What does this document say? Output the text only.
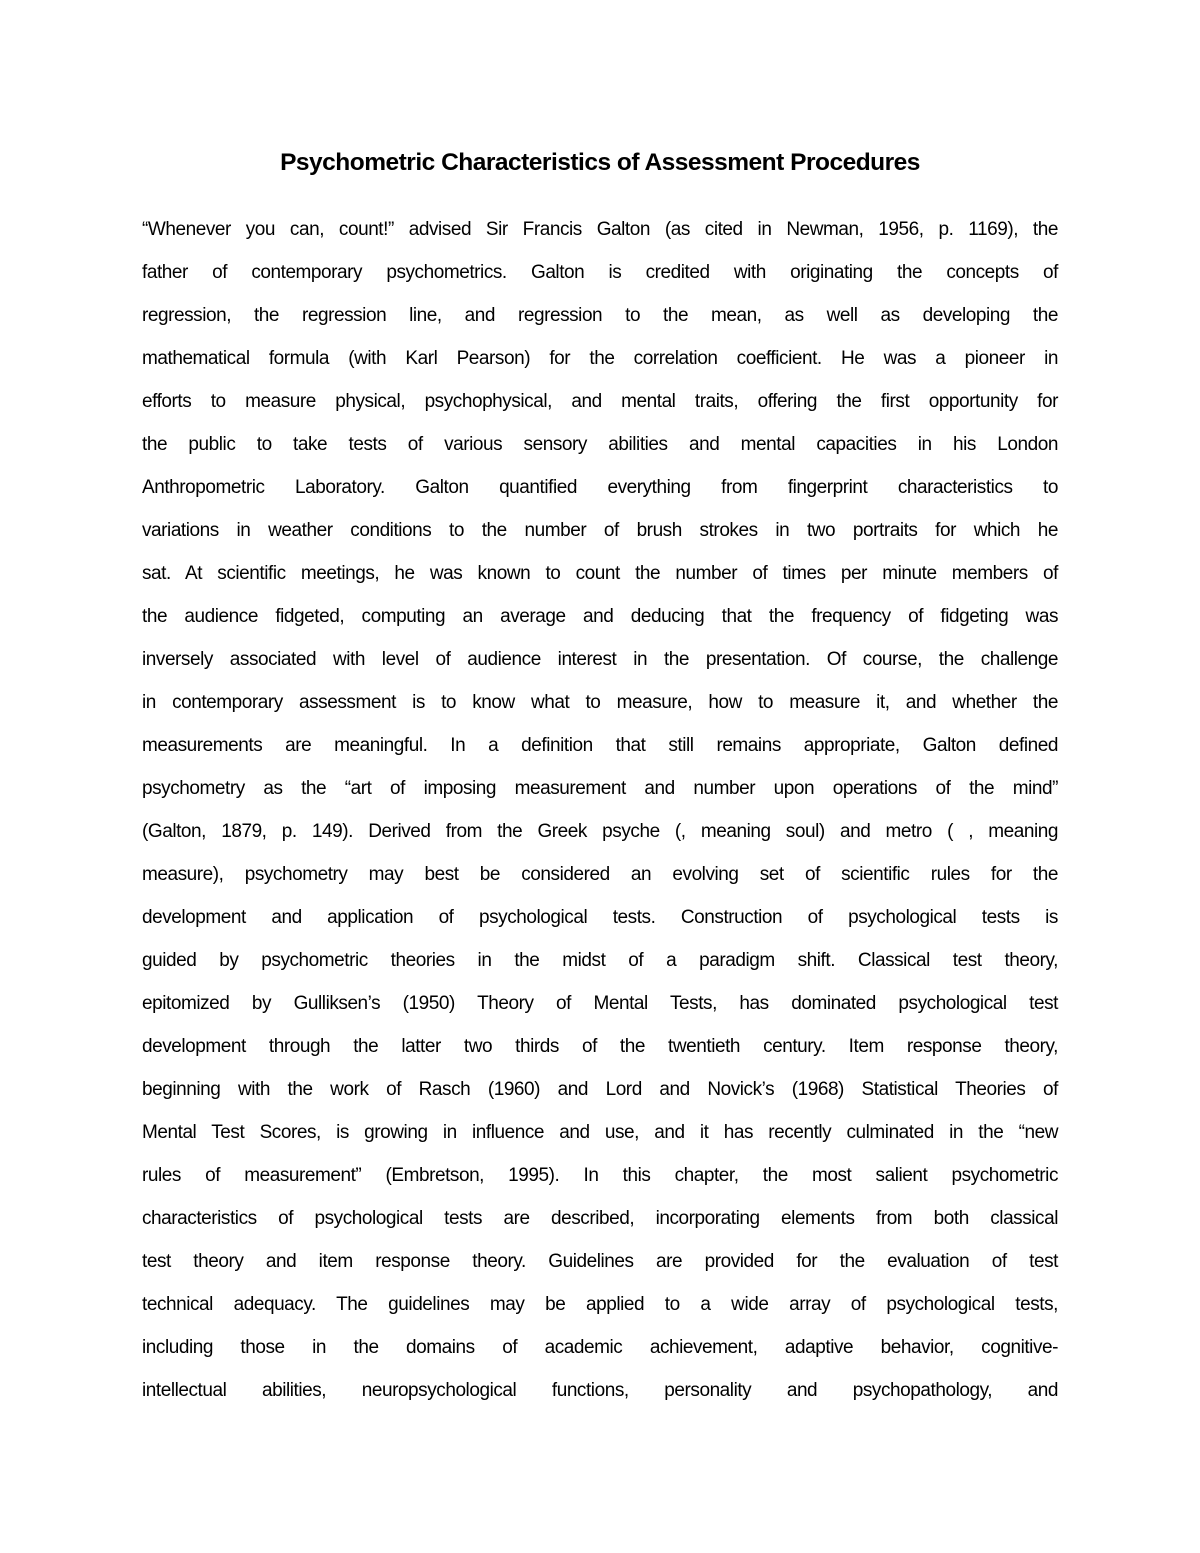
Psychometric Characteristics of Assessment Procedures
“Whenever you can, count!” advised Sir Francis Galton (as cited in Newman, 1956, p. 1169), the
father of contemporary psychometrics. Galton is credited with originating the concepts of
regression, the regression line, and regression to the mean, as well as developing the
mathematical formula (with Karl Pearson) for the correlation coefficient. He was a pioneer in
efforts to measure physical, psychophysical, and mental traits, offering the first opportunity for
the public to take tests of various sensory abilities and mental capacities in his London
Anthropometric Laboratory. Galton quantified everything from fingerprint characteristics to
variations in weather conditions to the number of brush strokes in two portraits for which he
sat. At scientific meetings, he was known to count the number of times per minute members of
the audience fidgeted, computing an average and deducing that the frequency of fidgeting was
inversely associated with level of audience interest in the presentation. Of course, the challenge
in contemporary assessment is to know what to measure, how to measure it, and whether the
measurements are meaningful. In a definition that still remains appropriate, Galton defined
psychometry as the “art of imposing measurement and number upon operations of the mind”
(Galton, 1879, p. 149). Derived from the Greek psyche (, meaning soul) and metro ( , meaning
measure), psychometry may best be considered an evolving set of scientific rules for the
development and application of psychological tests. Construction of psychological tests is
guided by psychometric theories in the midst of a paradigm shift. Classical test theory,
epitomized by Gulliksen’s (1950) Theory of Mental Tests, has dominated psychological test
development through the latter two thirds of the twentieth century. Item response theory,
beginning with the work of Rasch (1960) and Lord and Novick’s (1968) Statistical Theories of
Mental Test Scores, is growing in influence and use, and it has recently culminated in the “new
rules of measurement” (Embretson, 1995). In this chapter, the most salient psychometric
characteristics of psychological tests are described, incorporating elements from both classical
test theory and item response theory. Guidelines are provided for the evaluation of test
technical adequacy. The guidelines may be applied to a wide array of psychological tests,
including those in the domains of academic achievement, adaptive behavior, cognitive-
intellectual abilities, neuropsychological functions, personality and psychopathology, and
